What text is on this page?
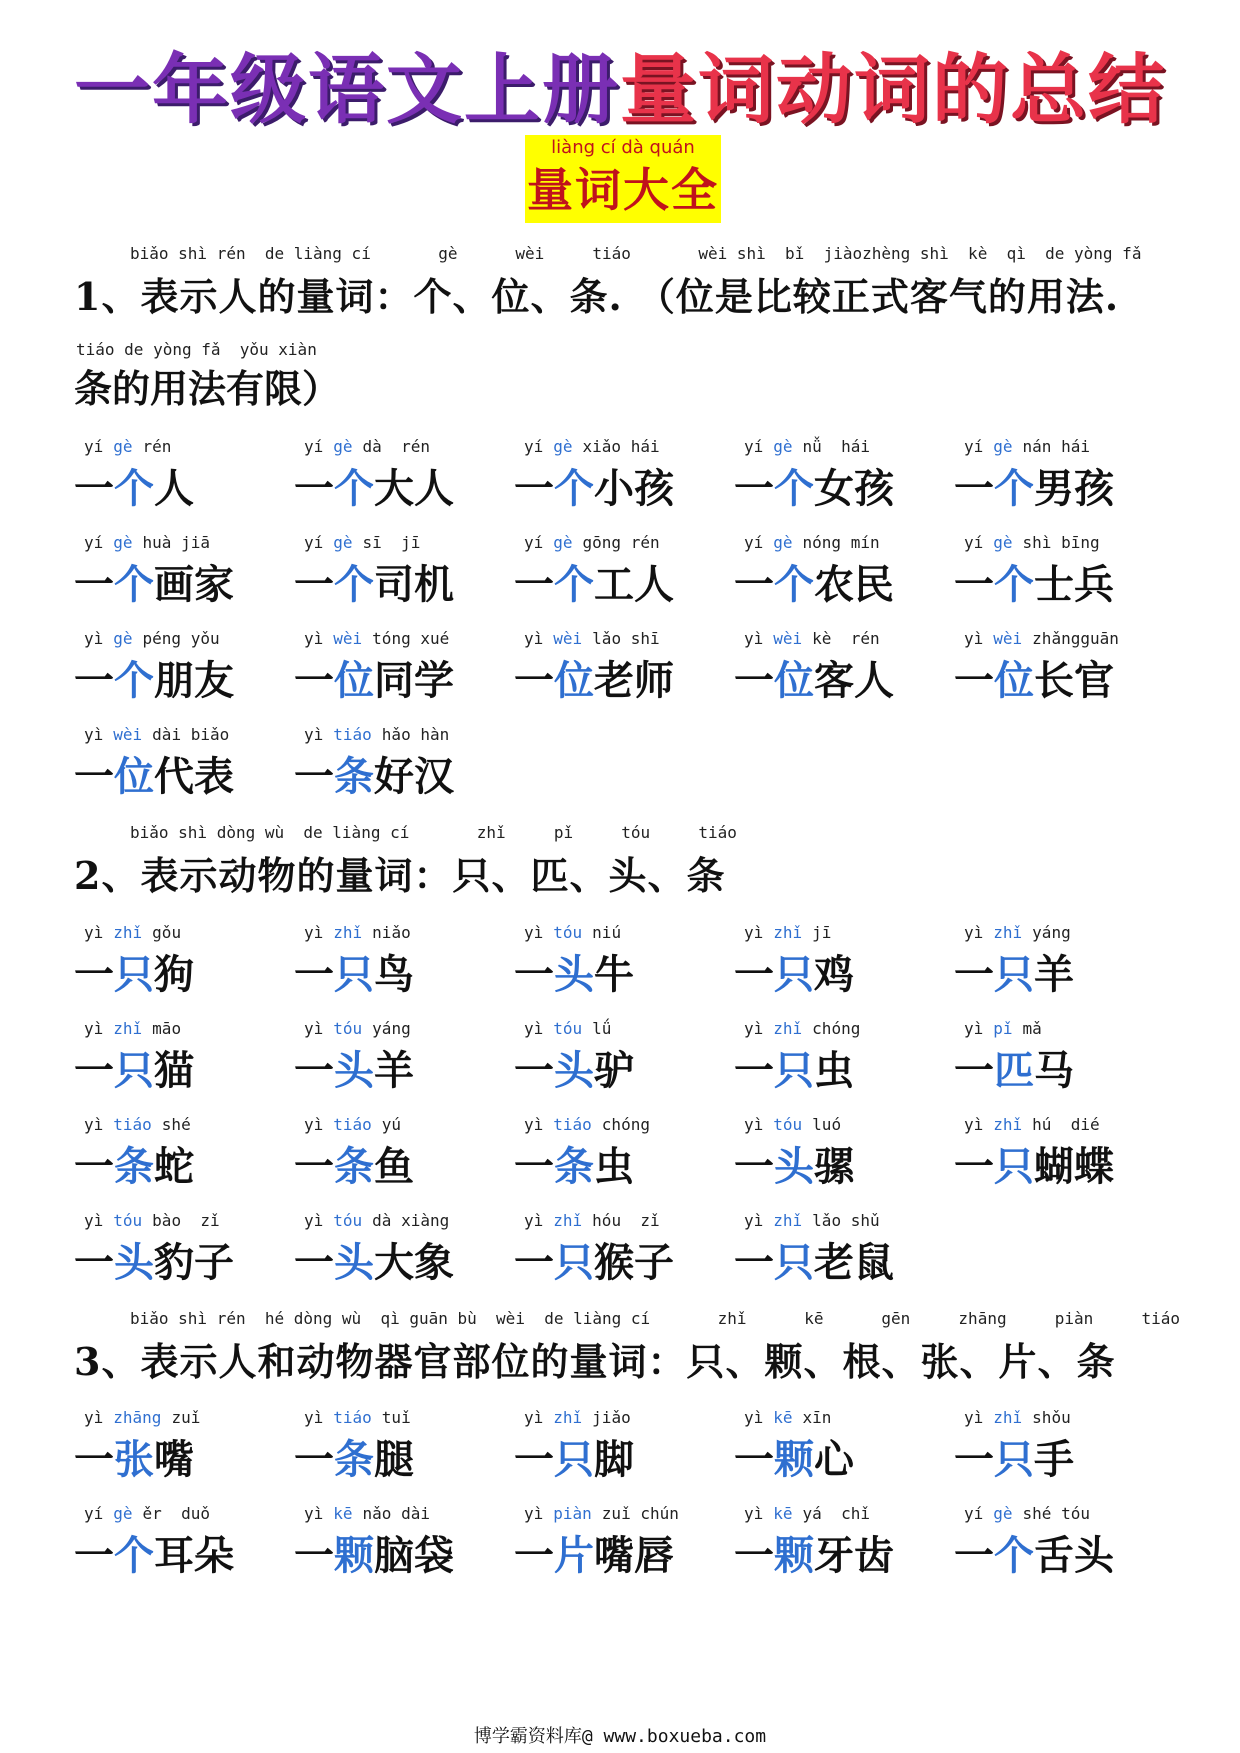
一年级语文上册量词动词的总结
liàng cí dà quán
量词大全
biǎo shì rén  de liàng cí       gè      wèi     tiáo       wèi shì  bǐ  jiàozhèng shì  kè  qì  de yòng fǎ
1、表示人的量词：个、位、条. （位是比较正式客气的用法.
tiáo de yòng fǎ  yǒu xiàn
条的用法有限）
yí gè rén
一个人
yí gè dà  rén
一个大人
yí gè xiǎo hái
一个小孩
yí gè nǚ  hái
一个女孩
yí gè nán hái
一个男孩
yí gè huà jiā
一个画家
yí gè sī  jī
一个司机
yí gè gōng rén
一个工人
yí gè nóng mín
一个农民
yí gè shì bīng
一个士兵
yì gè péng yǒu
一个朋友
yì wèi tóng xué
一位同学
yì wèi lǎo shī
一位老师
yì wèi kè  rén
一位客人
yì wèi zhǎngguān
一位长官
yì wèi dài biǎo
一位代表
yì tiáo hǎo hàn
一条好汉
biǎo shì dòng wù  de liàng cí       zhǐ     pǐ     tóu     tiáo
2、表示动物的量词：只、匹、头、条
yì zhǐ gǒu
一只狗
yì zhǐ niǎo
一只鸟
yì tóu niú
一头牛
yì zhǐ jī
一只鸡
yì zhǐ yáng
一只羊
yì zhǐ māo
一只猫
yì tóu yáng
一头羊
yì tóu lǘ
一头驴
yì zhǐ chóng
一只虫
yì pǐ mǎ
一匹马
yì tiáo shé
一条蛇
yì tiáo yú
一条鱼
yì tiáo chóng
一条虫
yì tóu luó
一头骡
yì zhǐ hú  dié
一只蝴蝶
yì tóu bào  zǐ
一头豹子
yì tóu dà xiàng
一头大象
yì zhǐ hóu  zǐ
一只猴子
yì zhǐ lǎo shǔ
一只老鼠
biǎo shì rén  hé dòng wù  qì guān bù  wèi  de liàng cí       zhǐ      kē      gēn     zhāng     piàn     tiáo
3、表示人和动物器官部位的量词：只、颗、根、张、片、条
yì zhāng zuǐ
一张嘴
yì tiáo tuǐ
一条腿
yì zhǐ jiǎo
一只脚
yì kē xīn
一颗心
yì zhǐ shǒu
一只手
yí gè ěr  duǒ
一个耳朵
yì kē nǎo dài
一颗脑袋
yì piàn zuǐ chún
一片嘴唇
yì kē yá  chǐ
一颗牙齿
yí gè shé tóu
一个舌头
博学霸资料库@ www.boxueba.com
